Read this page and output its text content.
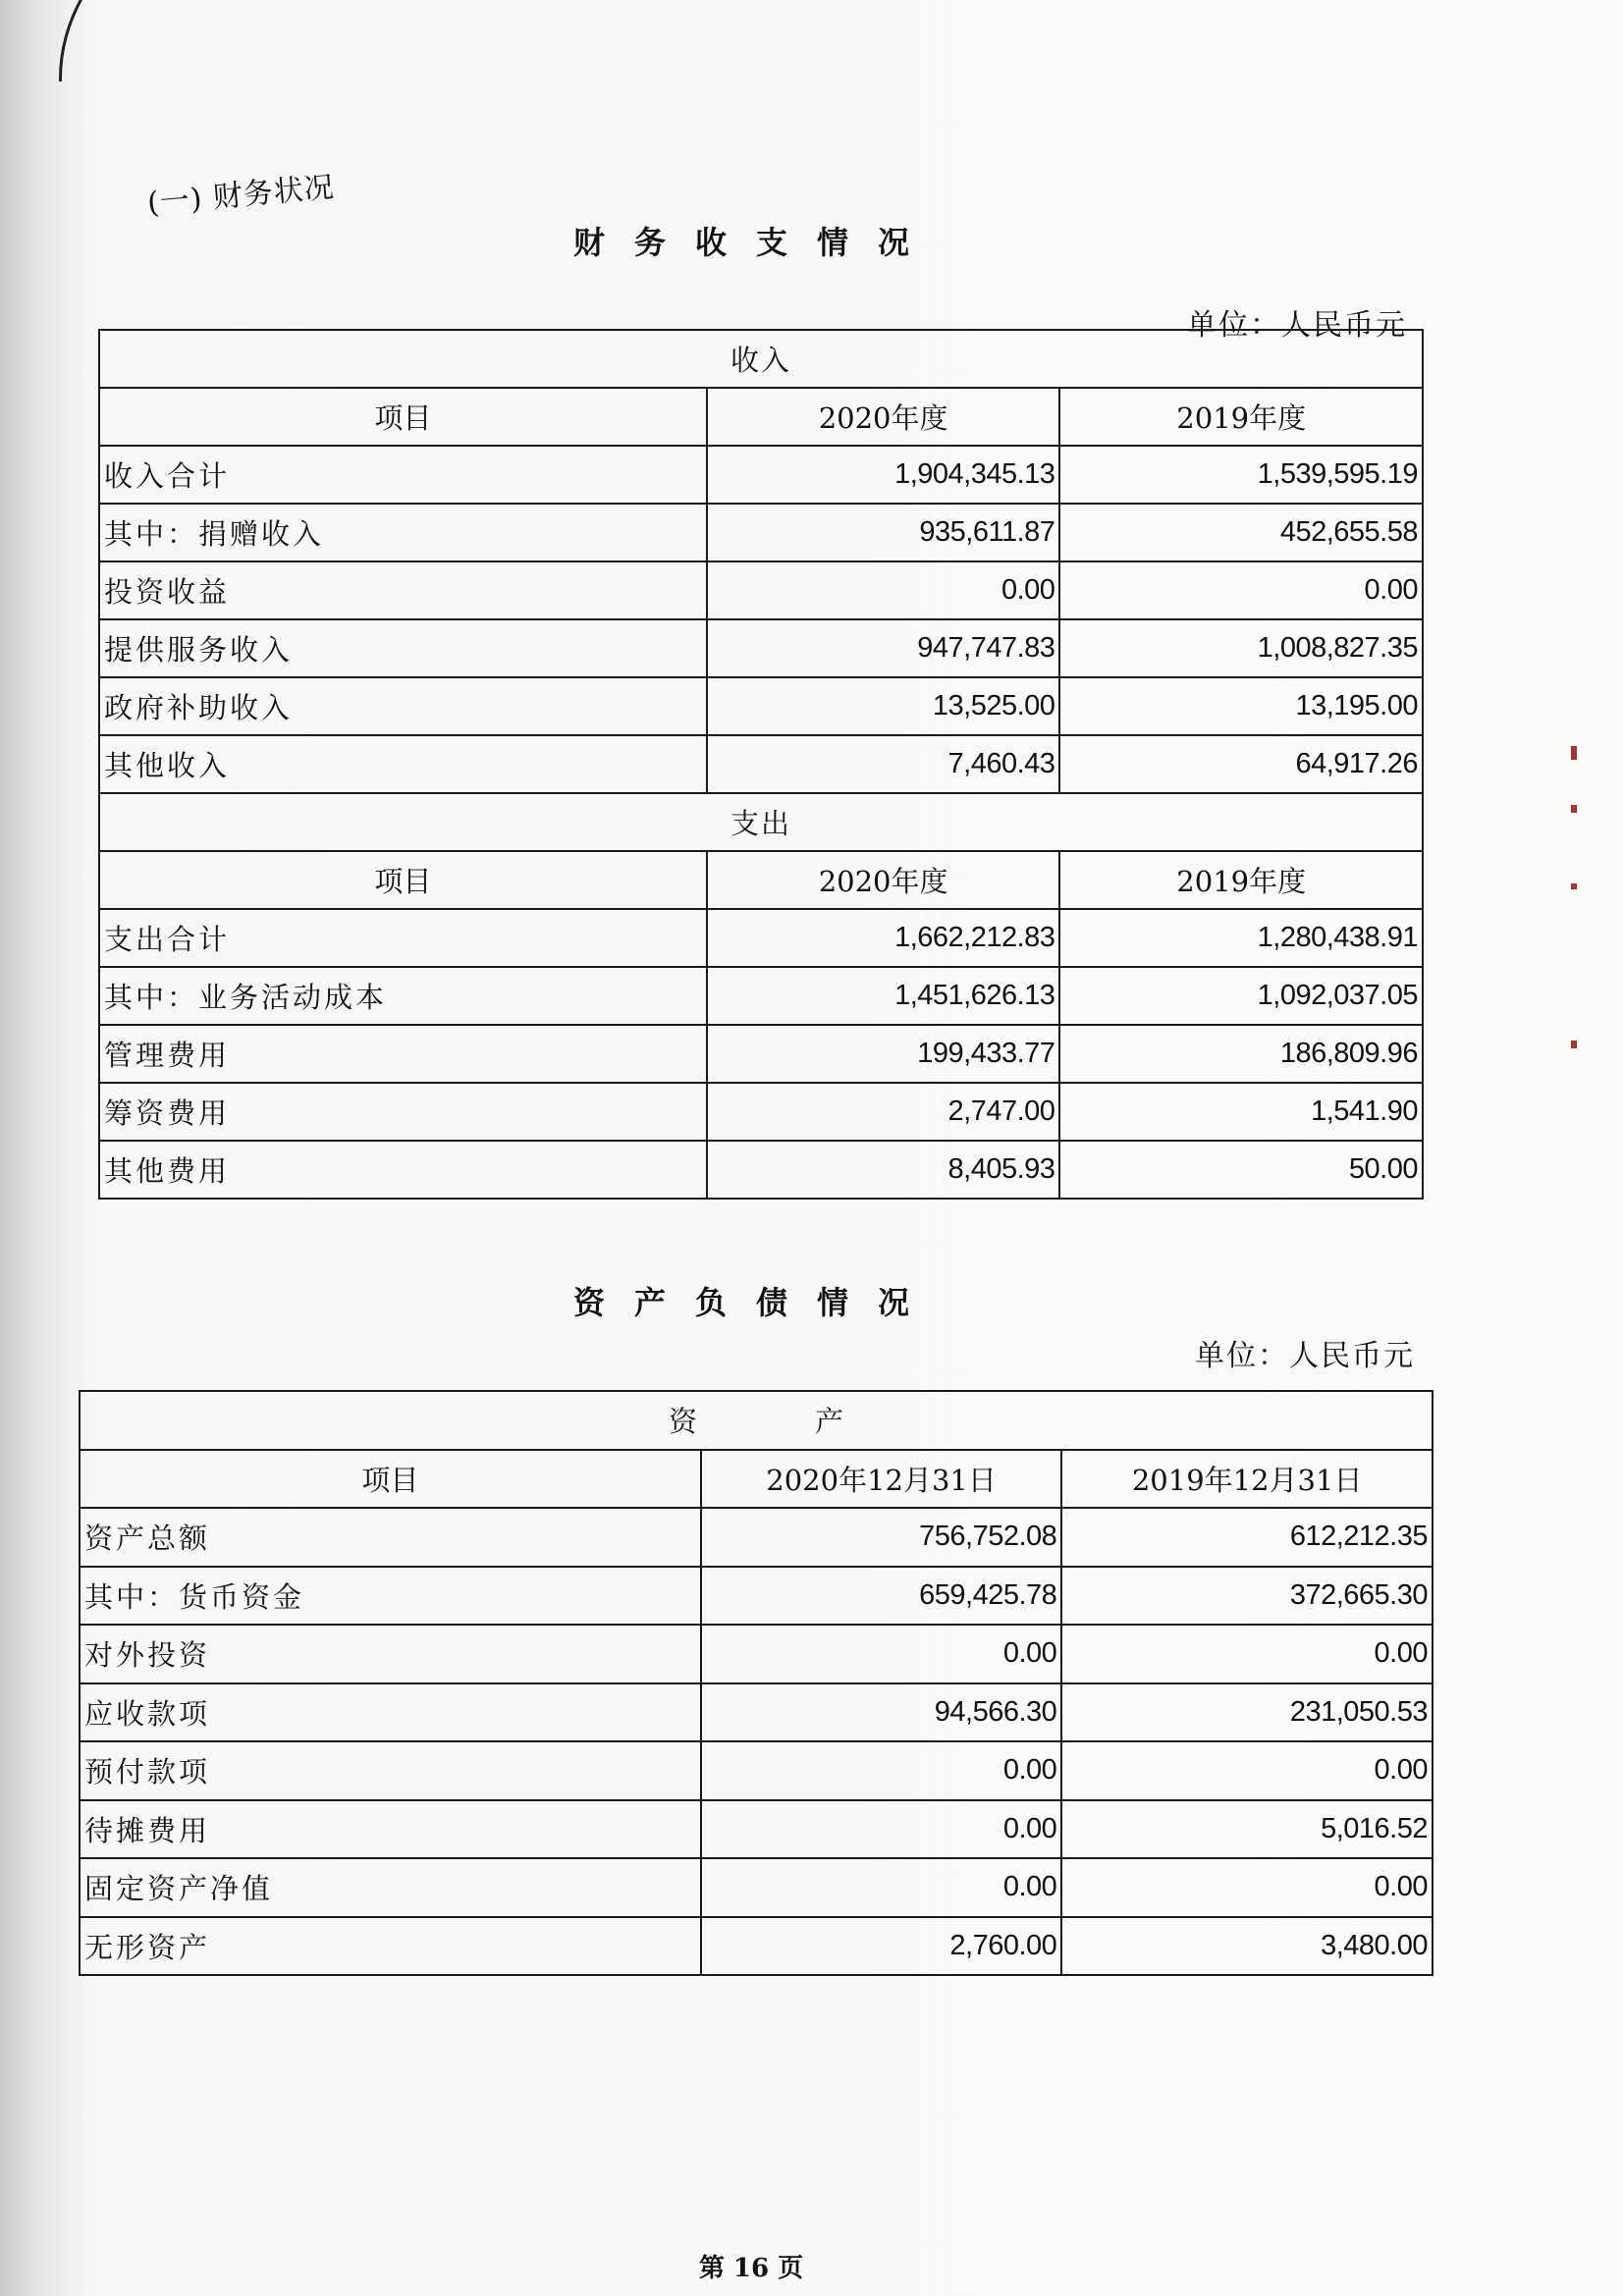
(一) 财务状况
财务收支情况
单位：人民币元
收入		
项目	2020年度	2019年度
收入合计	1,904,345.13	1,539,595.19
其中：捐赠收入	935,611.87	452,655.58
投资收益	0.00	0.00
提供服务收入	947,747.83	1,008,827.35
政府补助收入	13,525.00	13,195.00
其他收入	7,460.43	64,917.26
支出		
项目	2020年度	2019年度
支出合计	1,662,212.83	1,280,438.91
其中：业务活动成本	1,451,626.13	1,092,037.05
管理费用	199,433.77	186,809.96
筹资费用	2,747.00	1,541.90
其他费用	8,405.93	50.00
资产负债情况
单位：人民币元
资 产		
项目	2020年12月31日	2019年12月31日
资产总额	756,752.08	612,212.35
其中：货币资金	659,425.78	372,665.30
对外投资	0.00	0.00
应收款项	94,566.30	231,050.53
预付款项	0.00	0.00
待摊费用	0.00	5,016.52
固定资产净值	0.00	0.00
无形资产	2,760.00	3,480.00
第 16 页
